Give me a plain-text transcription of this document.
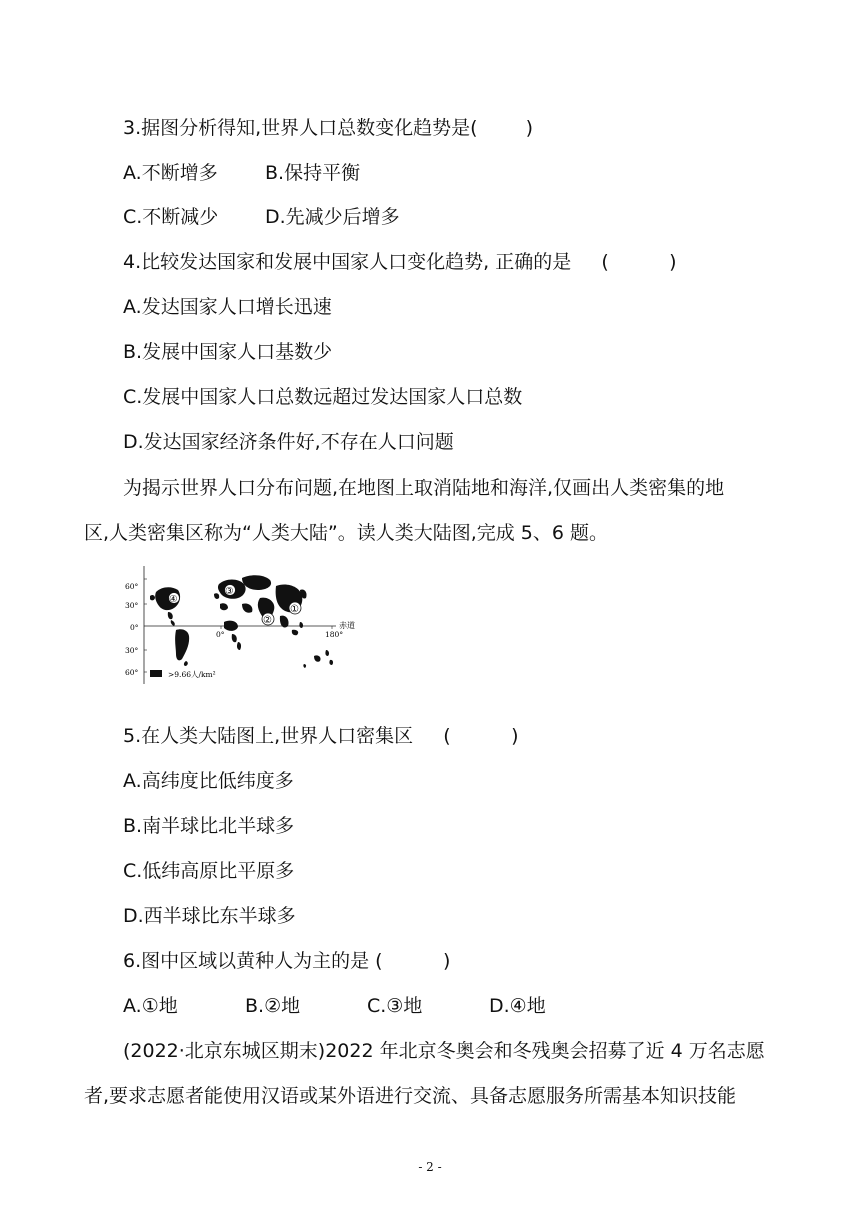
3.据图分析得知,世界人口总数变化趋势是(	)
A.不断增多 B.保持平衡
C.不断减少 D.先减少后增多
4.比较发达国家和发展中国家人口变化趋势, 正确的是 (          )
A.发达国家人口增长迅速
B.发展中国家人口基数少
C.发展中国家人口总数远超过发达国家人口总数
D.发达国家经济条件好,不存在人口问题
为揭示世界人口分布问题,在地图上取消陆地和海洋,仅画出人类密集的地
区,人类密集区称为“人类大陆”。读人类大陆图,完成 5、6 题。
60°
30°
0°
30°
60°
0°	180°
赤道
①
②
③
④
>9.66人/km²
5.在人类大陆图上,世界人口密集区 (          )
A.高纬度比低纬度多
B.南半球比北半球多
C.低纬高原比平原多
D.西半球比东半球多
6.图中区域以黄种人为主的是 (          )
A.①地	B.②地	C.③地	D.④地
(2022·北京东城区期末)2022 年北京冬奥会和冬残奥会招募了近 4 万名志愿
者,要求志愿者能使用汉语或某外语进行交流、具备志愿服务所需基本知识技能
- 2 -
